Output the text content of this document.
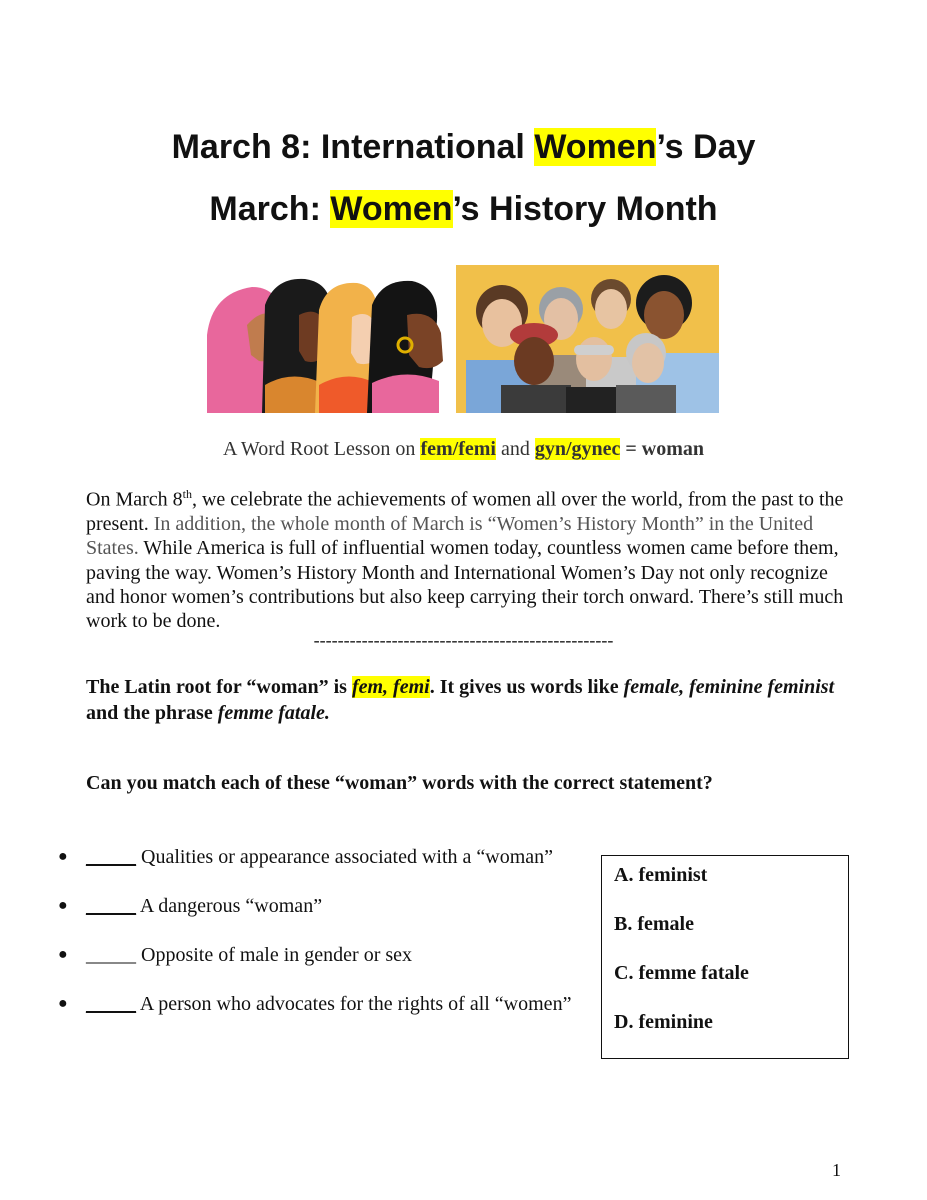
March 8: International Women’s Day
March: Women’s History Month
A Word Root Lesson on fem/femi and gyn/gynec = woman
On March 8th, we celebrate the achievements of women all over the world, from the past to the present. In addition, the whole month of March is “Women’s History Month” in the United States. While America is full of influential women today, countless women came before them, paving the way. Women’s History Month and International Women’s Day not only recognize and honor women’s contributions but also keep carrying their torch onward. There’s still much work to be done.
--------------------------------------------------
The Latin root for “woman” is fem, femi. It gives us words like female, feminine feminist and the phrase femme fatale.
Can you match each of these “woman” words with the correct statement?
● _____ Qualities or appearance associated with a “woman”
● _____ A dangerous “woman”
● _____ Opposite of male in gender or sex
● _____ A person who advocates for the rights of all “women”
A. feminist
B. female
C. femme fatale
D. feminine
1
